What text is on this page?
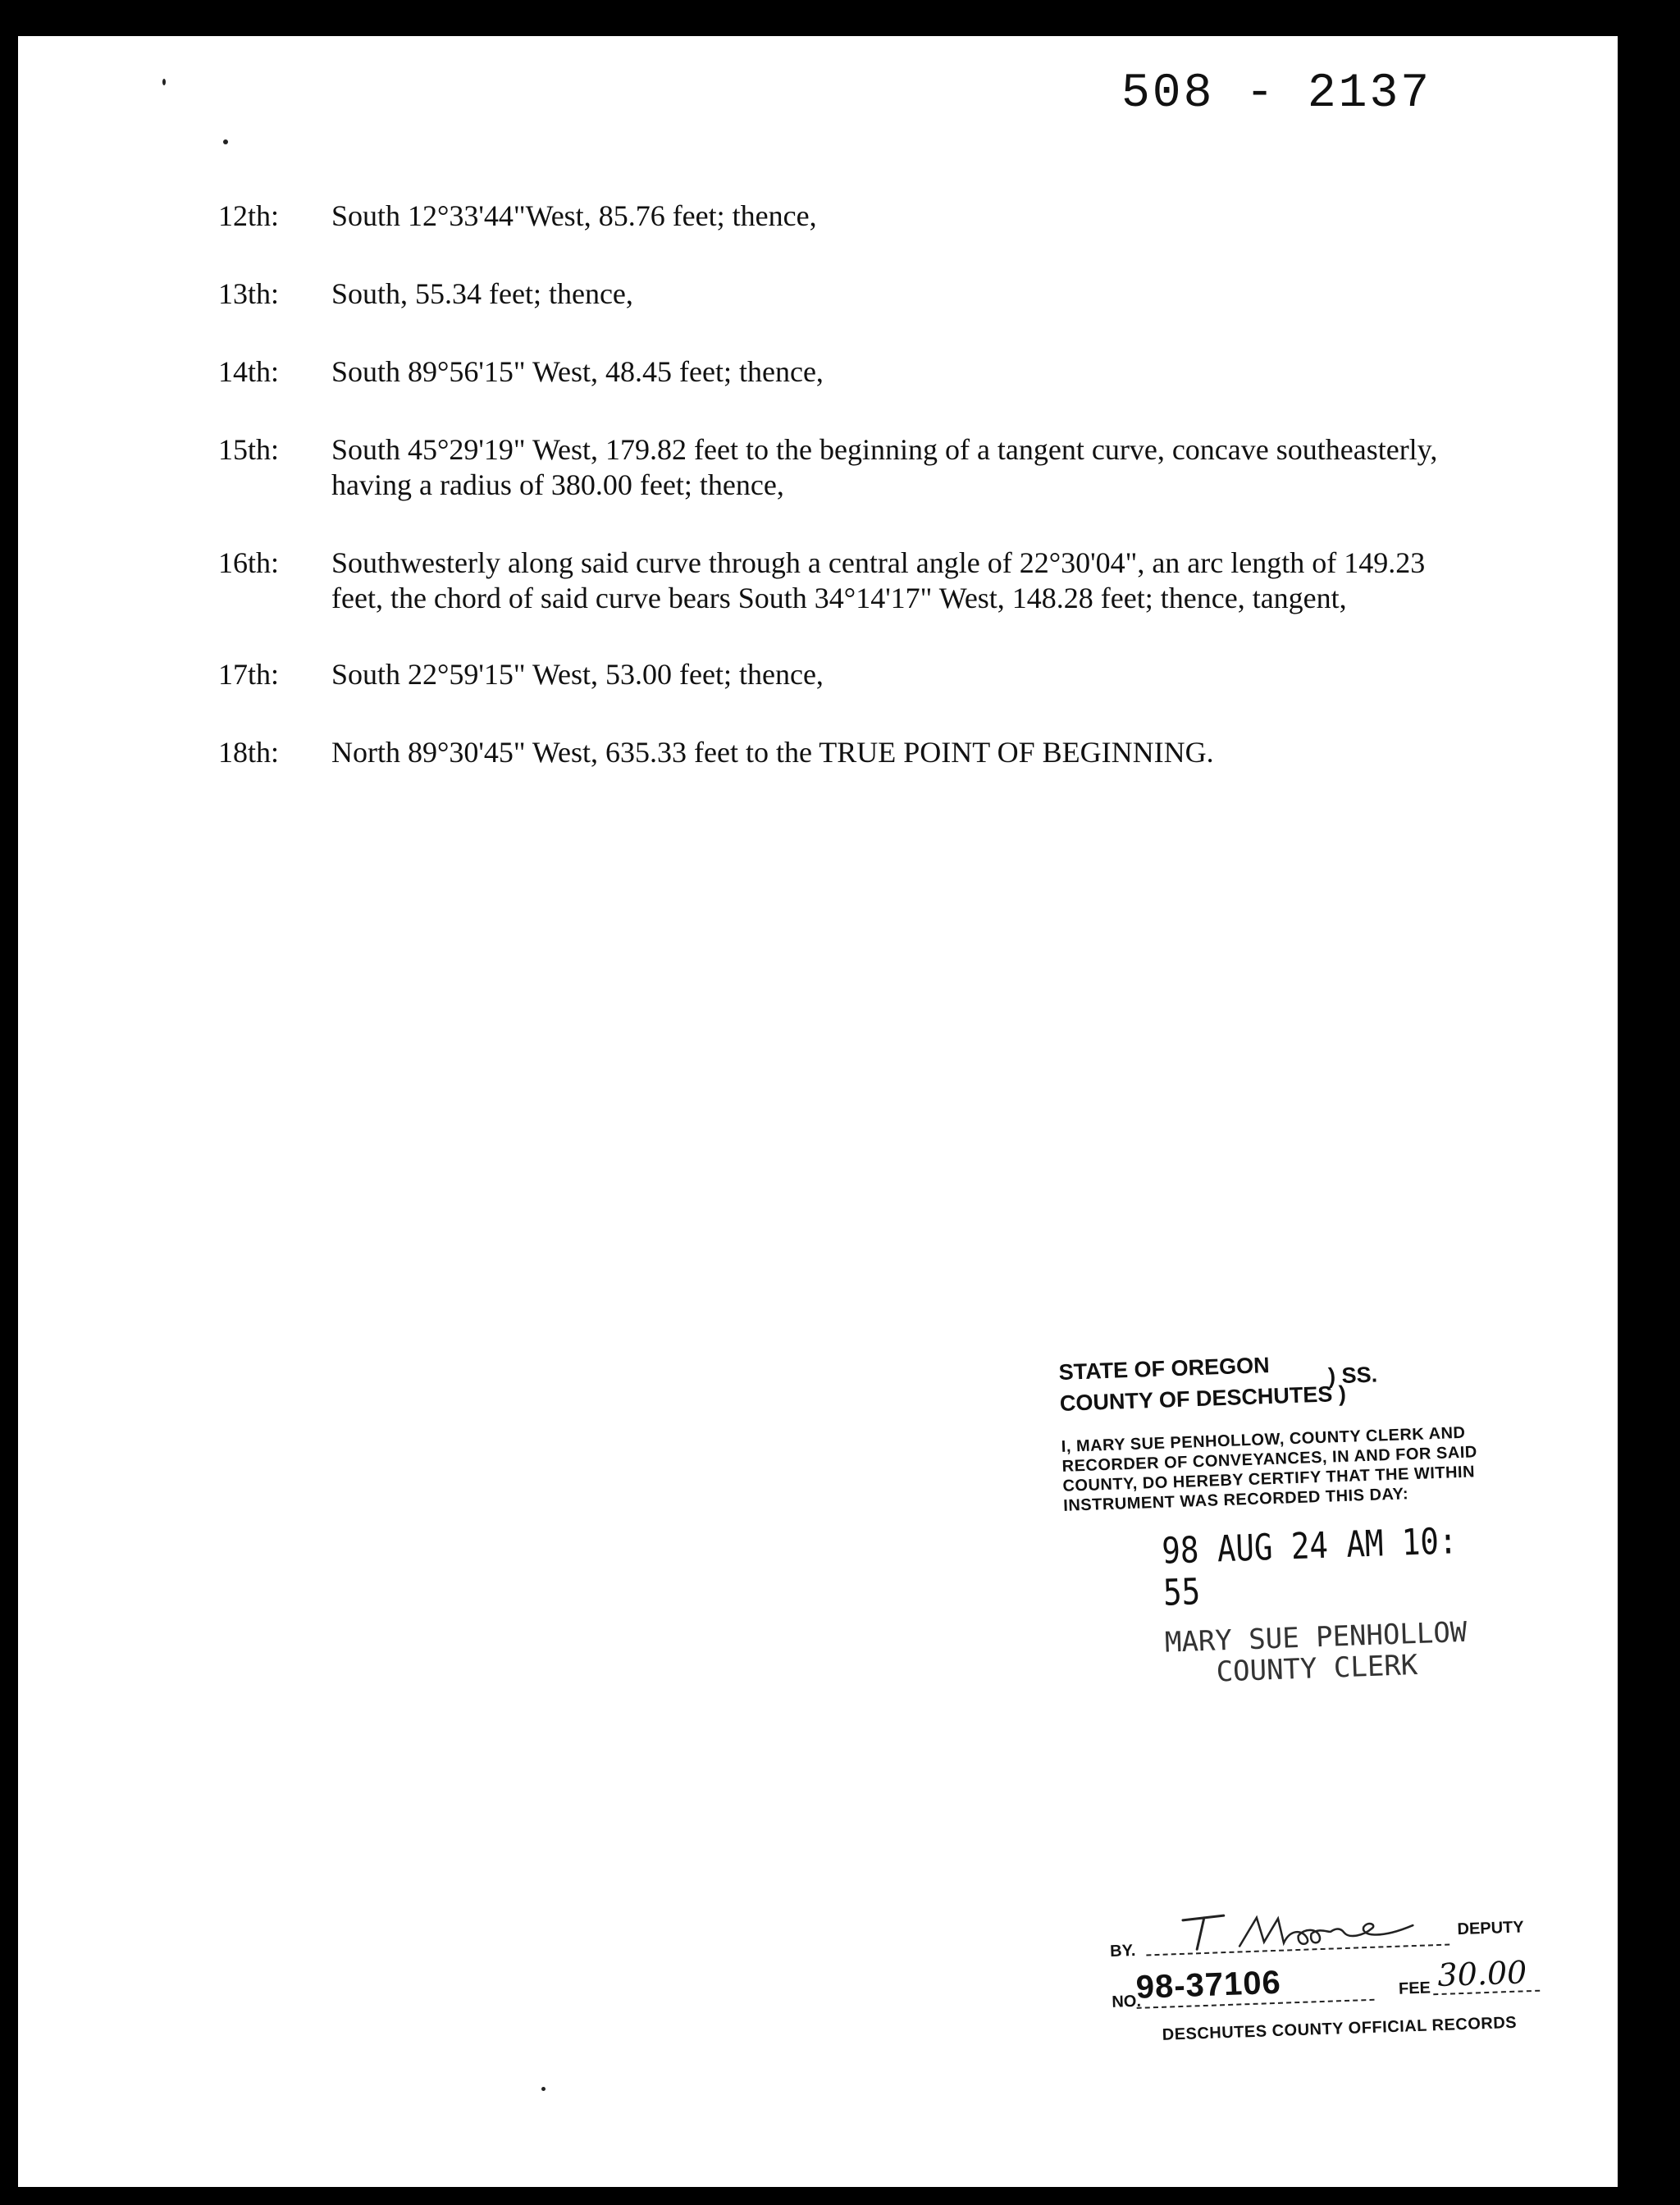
508 - 2137
12th:	South 12°33'44"West, 85.76 feet; thence,
13th:	South, 55.34 feet; thence,
14th:	South 89°56'15" West, 48.45 feet; thence,
15th:	South 45°29'19" West, 179.82 feet to the beginning of a tangent curve, concave southeasterly, having a radius of 380.00 feet; thence,
16th:	Southwesterly along said curve through a central angle of 22°30'04", an arc length of 149.23 feet, the chord of said curve bears South 34°14'17" West, 148.28 feet; thence, tangent,
17th:	South 22°59'15" West, 53.00 feet; thence,
18th:	North 89°30'45" West, 635.33 feet to the TRUE POINT OF BEGINNING.
STATE OF OREGON
COUNTY OF DESCHUTES )
) SS.
I, MARY SUE PENHOLLOW, COUNTY CLERK AND RECORDER OF CONVEYANCES, IN AND FOR SAID COUNTY, DO HEREBY CERTIFY THAT THE WITHIN INSTRUMENT WAS RECORDED THIS DAY:
98 AUG 24 AM 10: 55
MARY SUE PENHOLLOW
COUNTY CLERK
BY.
DEPUTY
NO.
98-37106	FEE 30.00
DESCHUTES COUNTY OFFICIAL RECORDS
